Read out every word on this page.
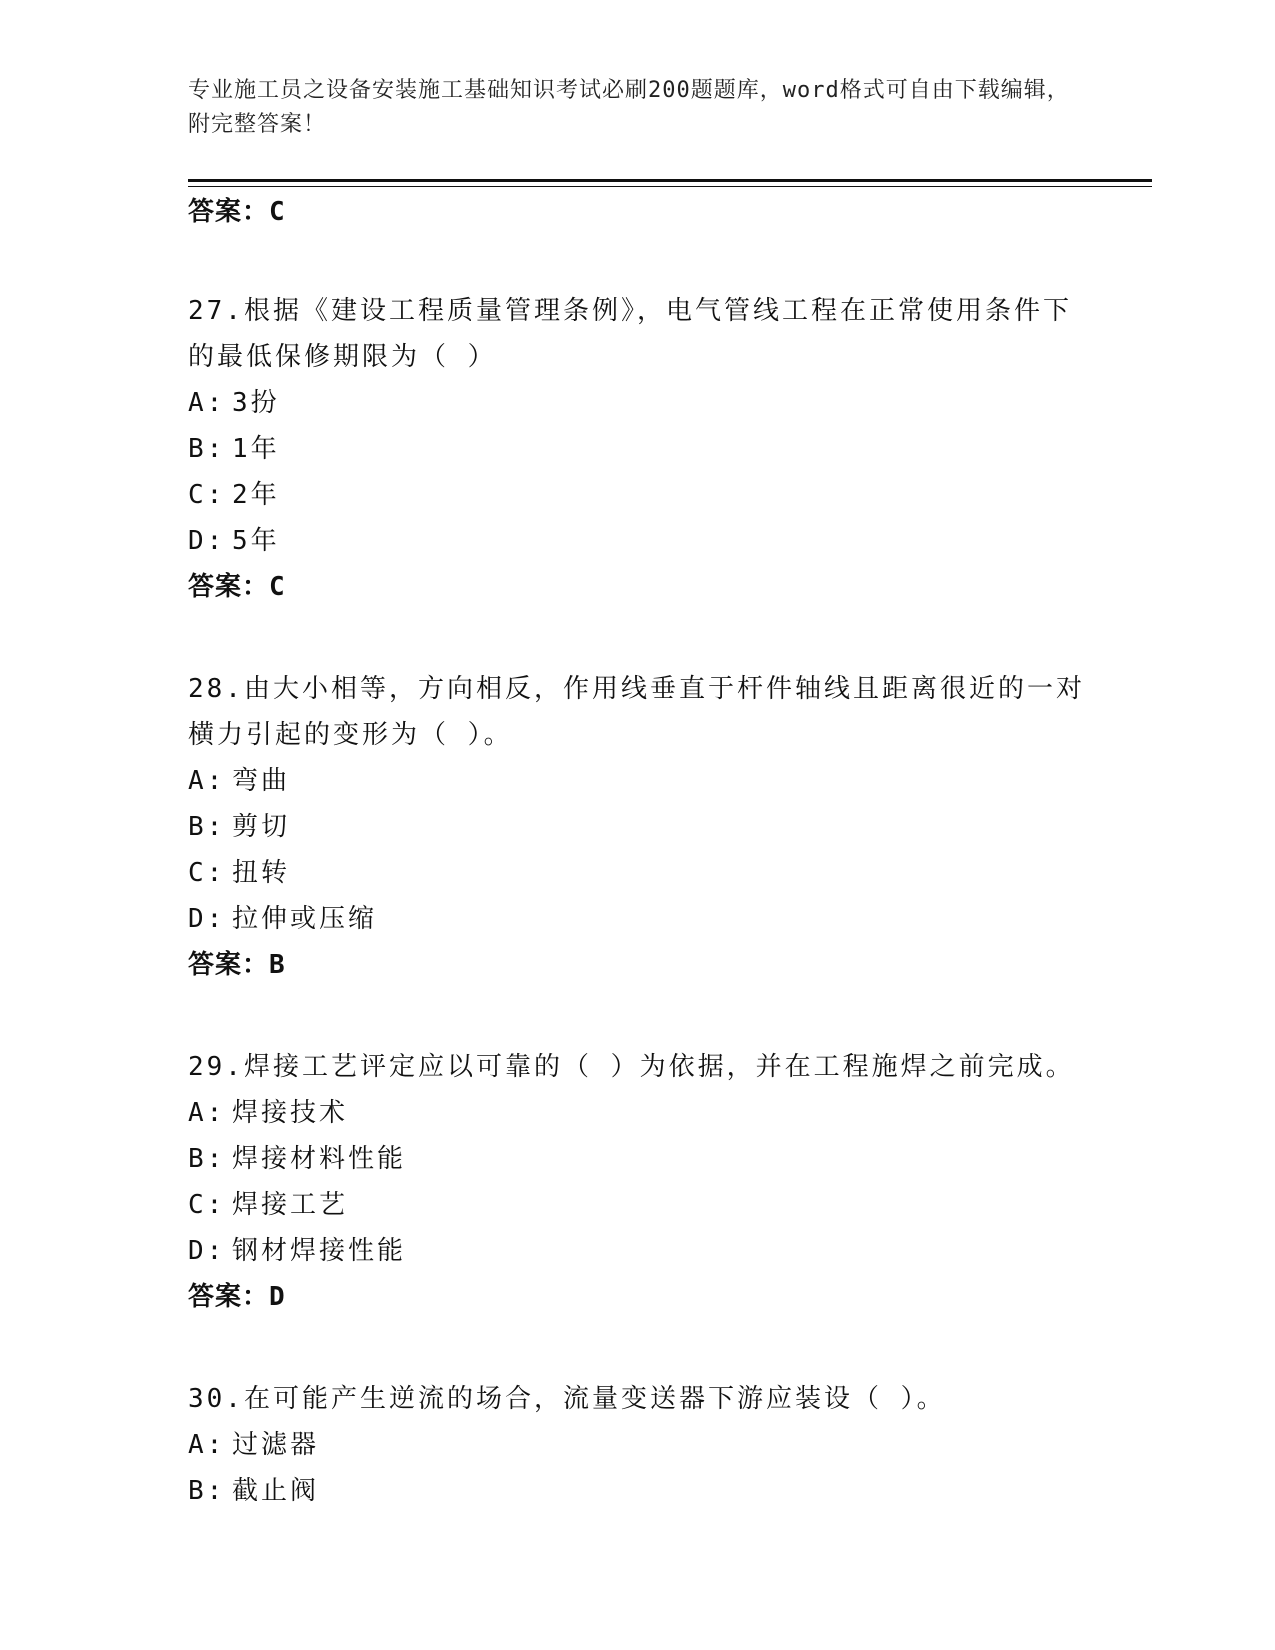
专业施工员之设备安装施工基础知识考试必刷200题题库，word格式可自由下载编辑，附完整答案！

答案：C

27.根据《建设工程质量管理条例》，电气管线工程在正常使用条件下的最低保修期限为（ ）

A: 3扮

B: 1年

C: 2年

D: 5年

答案：C

28.由大小相等，方向相反，作用线垂直于杆件轴线且距离很近的一对横力引起的变形为（ ）。

A: 弯曲

B: 剪切

C: 扭转

D: 拉伸或压缩

答案：B

29.焊接工艺评定应以可靠的（ ）为依据，并在工程施焊之前完成。

A: 焊接技术

B: 焊接材料性能

C: 焊接工艺

D: 钢材焊接性能

答案：D

30.在可能产生逆流的场合，流量变送器下游应装设（ ）。

A: 过滤器

B: 截止阀
